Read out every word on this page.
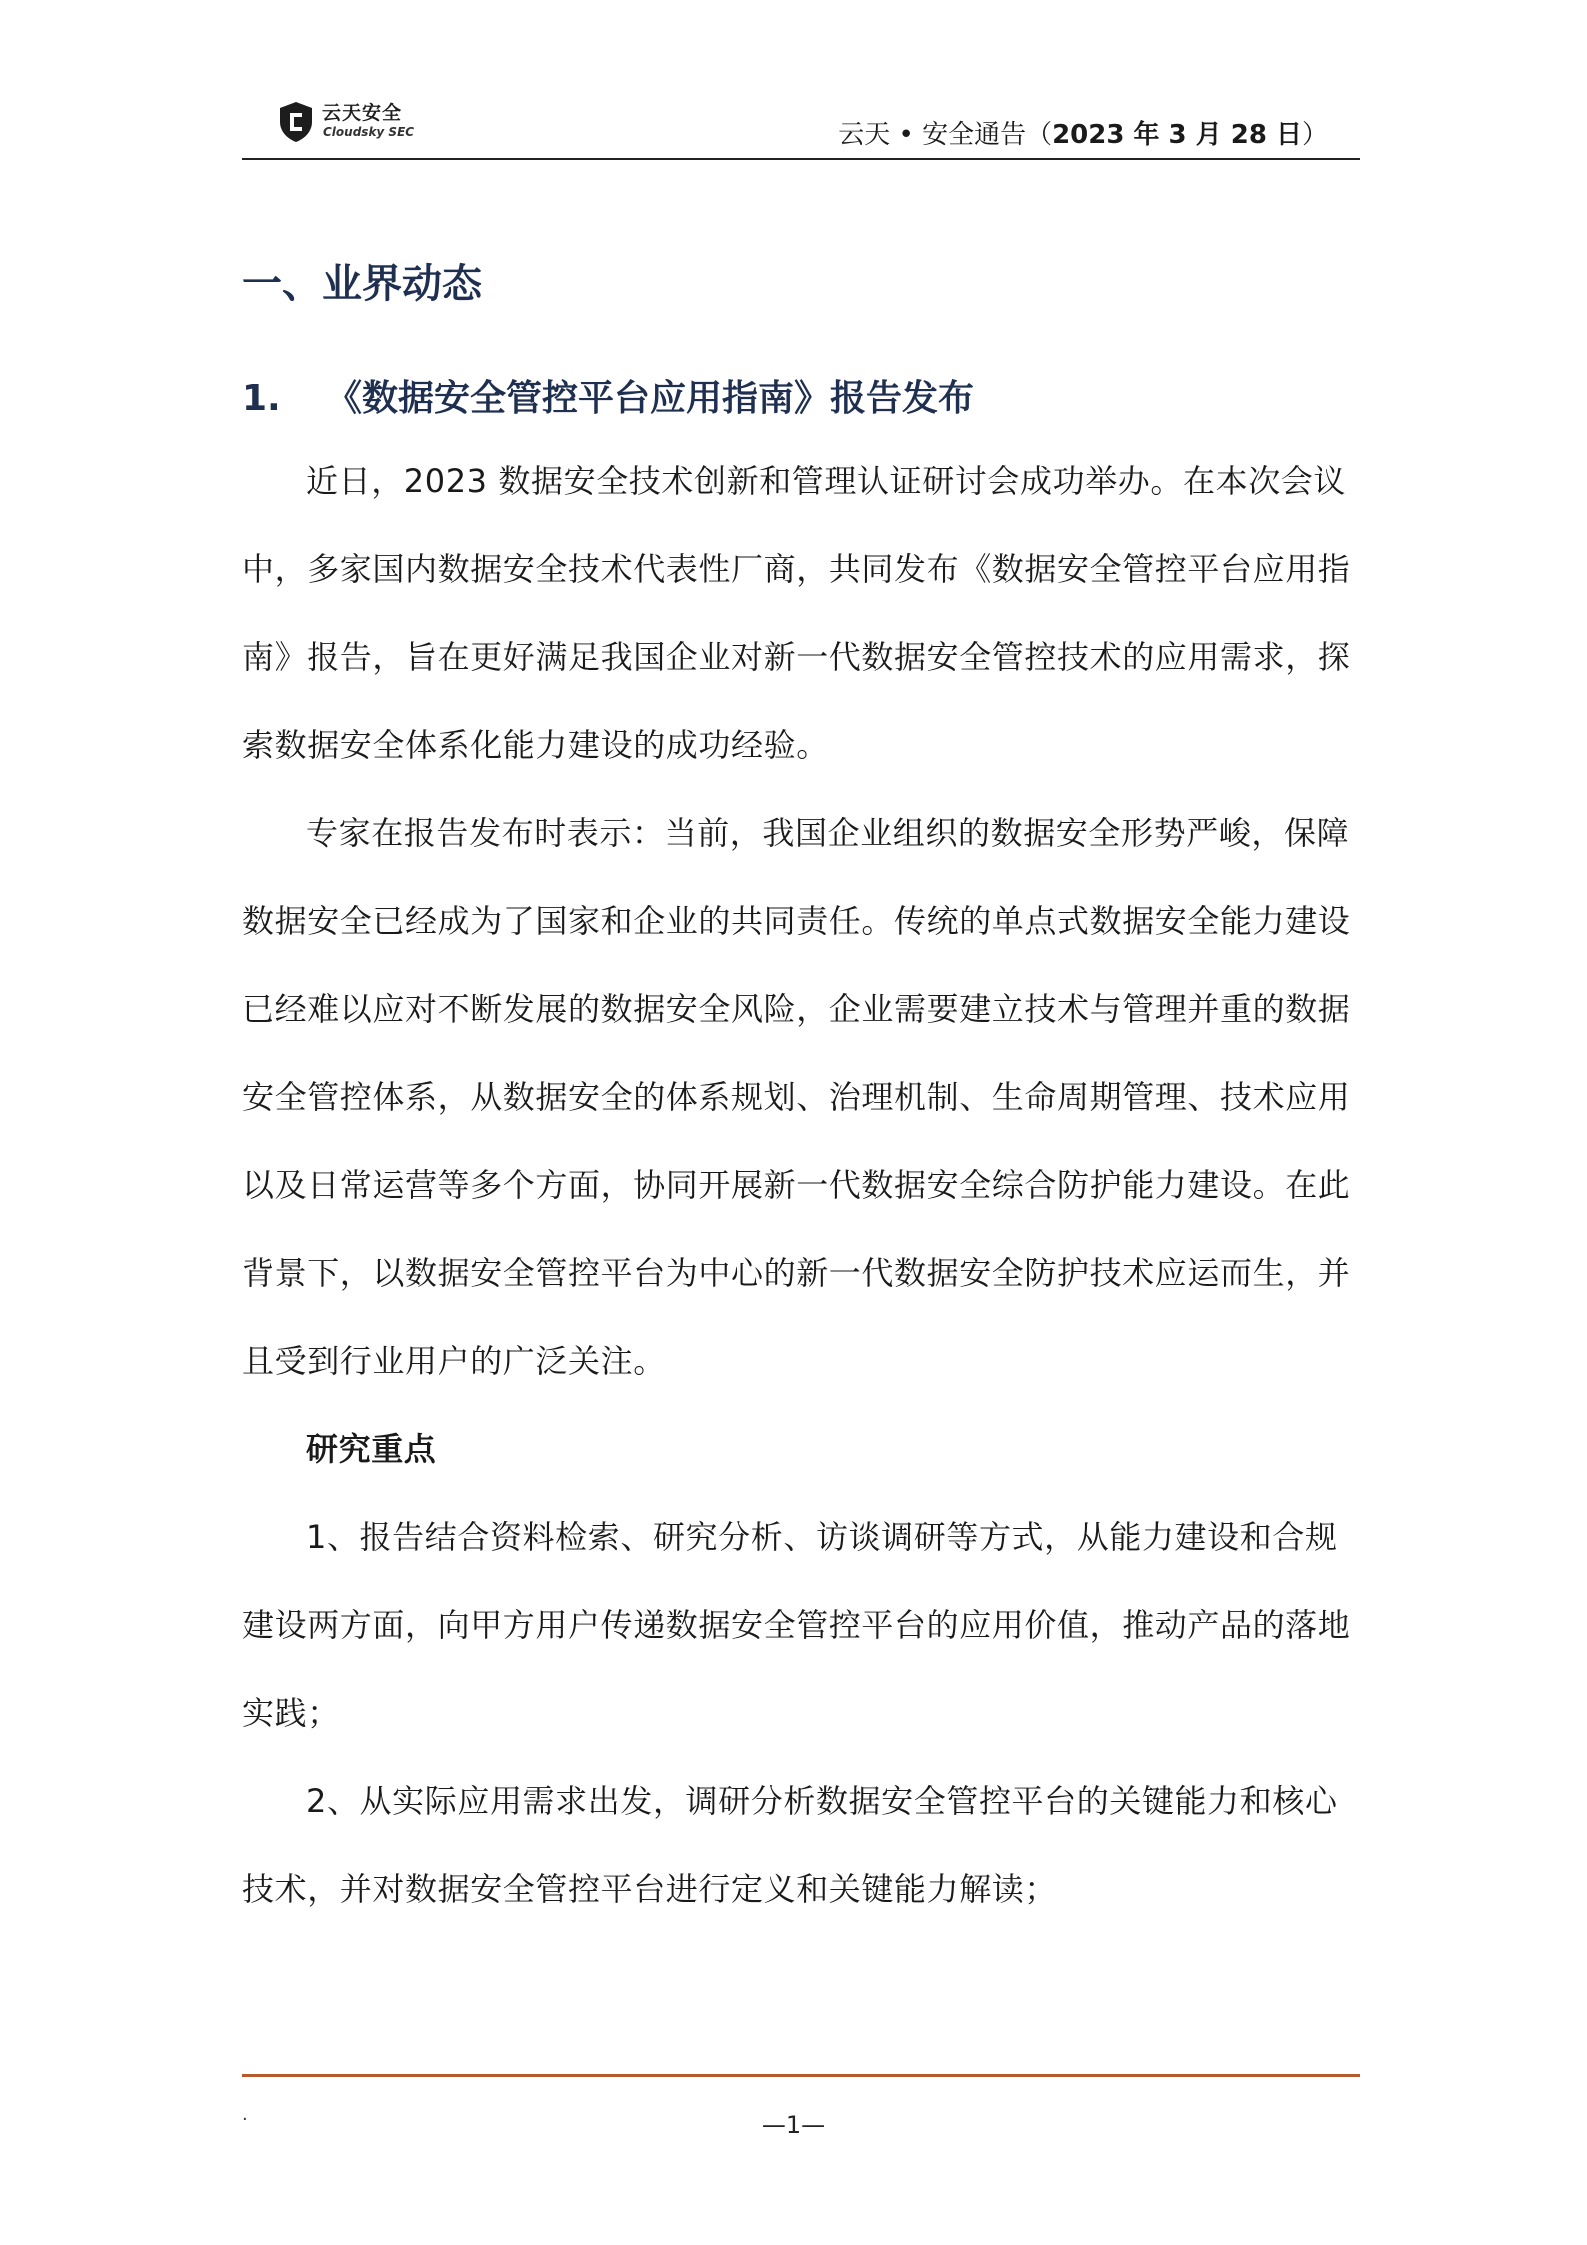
云天安全
Cloudsky SEC	云天 • 安全通告（2023 年 3 月 28 日）
一、业界动态
1. 《数据安全管控平台应用指南》报告发布
近日，2023 数据安全技术创新和管理认证研讨会成功举办。在本次会议
中，多家国内数据安全技术代表性厂商，共同发布《数据安全管控平台应用指
南》报告，旨在更好满足我国企业对新一代数据安全管控技术的应用需求，探
索数据安全体系化能力建设的成功经验。
专家在报告发布时表示：当前，我国企业组织的数据安全形势严峻，保障
数据安全已经成为了国家和企业的共同责任。传统的单点式数据安全能力建设
已经难以应对不断发展的数据安全风险，企业需要建立技术与管理并重的数据
安全管控体系，从数据安全的体系规划、治理机制、生命周期管理、技术应用
以及日常运营等多个方面，协同开展新一代数据安全综合防护能力建设。在此
背景下，以数据安全管控平台为中心的新一代数据安全防护技术应运而生，并
且受到行业用户的广泛关注。
研究重点
1、报告结合资料检索、研究分析、访谈调研等方式，从能力建设和合规
建设两方面，向甲方用户传递数据安全管控平台的应用价值，推动产品的落地
实践；
2、从实际应用需求出发，调研分析数据安全管控平台的关键能力和核心
技术，并对数据安全管控平台进行定义和关键能力解读；
.	—1—
